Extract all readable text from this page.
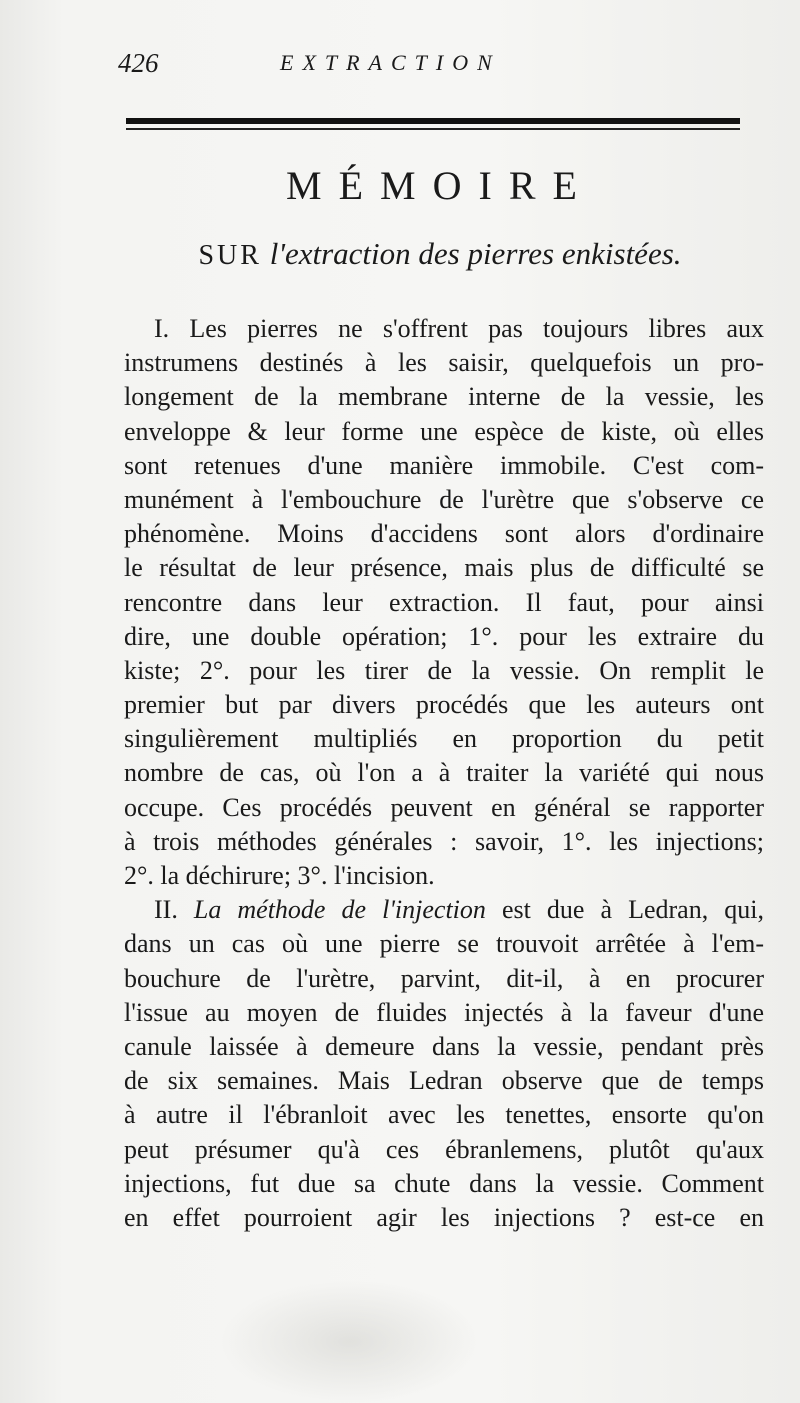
426	EXTRACTION
MÉMOIRE
SUR l'extraction des pierres enkistées.
I. Les pierres ne s'offrent pas toujours libres aux
instrumens destinés à les saisir, quelquefois un pro-
longement de la membrane interne de la vessie, les
enveloppe & leur forme une espèce de kiste, où elles
sont retenues d'une manière immobile. C'est com-
munément à l'embouchure de l'urètre que s'observe ce
phénomène. Moins d'accidens sont alors d'ordinaire
le résultat de leur présence, mais plus de difficulté se
rencontre dans leur extraction. Il faut, pour ainsi
dire, une double opération; 1°. pour les extraire du
kiste; 2°. pour les tirer de la vessie. On remplit le
premier but par divers procédés que les auteurs ont
singulièrement multipliés en proportion du petit
nombre de cas, où l'on a à traiter la variété qui nous
occupe. Ces procédés peuvent en général se rapporter
à trois méthodes générales : savoir, 1°. les injections;
2°. la déchirure; 3°. l'incision.
II. La méthode de l'injection est due à Ledran, qui,
dans un cas où une pierre se trouvoit arrêtée à l'em-
bouchure de l'urètre, parvint, dit-il, à en procurer
l'issue au moyen de fluides injectés à la faveur d'une
canule laissée à demeure dans la vessie, pendant près
de six semaines. Mais Ledran observe que de temps
à autre il l'ébranloit avec les tenettes, ensorte qu'on
peut présumer qu'à ces ébranlemens, plutôt qu'aux
injections, fut due sa chute dans la vessie. Comment
en effet pourroient agir les injections ? est-ce en
